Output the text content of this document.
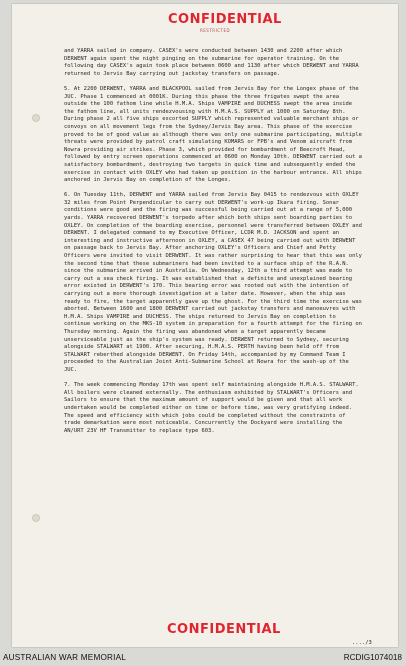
CONFIDENTIAL
RESTRICTED

and YARRA sailed in company. CASEX's were conducted between 1430 and 2200 after which DERWENT again spent the night pinging on the submarine for operator training. On the following day CASEX's again took place between 0600 and 1130 after which DERWENT and YARRA returned to Jervis Bay carrying out jackstay transfers on passage.

5. At 2200 DERWENT, YARRA and BLACKPOOL sailed from Jervis Bay for the Longex phase of the JUC. Phase 1 commenced at 0001K. During this phase the three frigates swept the area outside the 100 fathom line while H.M.A. Ships VAMPIRE and DUCHESS swept the area inside the fathom line, all units rendezvousing with H.M.A.S. SUPPLY at 1000 on Saturday 8th. During phase 2 all five ships escorted SUPPLY which represented valuable merchant ships or convoys on all movement legs from the Sydney/Jervis Bay area. This phase of the exercise proved to be of good value as although there was only one submarine participating, multiple threats were provided by patrol craft simulating KOMARS or FPB's and Venom aircraft from Nowra providing air strikes. Phase 3, which provided for bombardment of Beecroft Head, followed by entry screen operations commenced at 0600 on Monday 10th. DERWENT carried out a satisfactory bombardment, destroying two targets in quick time and subsequently ended the exercise in contact with OXLEY who had taken up position in the harbour entrance. All ships anchored in Jervis Bay on completion of the Longex.

6. On Tuesday 11th, DERWENT and YARRA sailed from Jervis Bay 0415 to rendezvous with OXLEY 32 miles from Point Perpendicular to carry out DERWENT's work-up Ikara firing. Sonar conditions were good and the firing was successful being carried out at a range of 5,000 yards. YARRA recovered DERWENT's torpedo after which both ships sent boarding parties to OXLEY. On completion of the boarding exercise, personnel were transferred between OXLEY and DERWENT. I delegated command to my Executive Officer, LCDR M.D. JACKSON and spent an interesting and instructive afternoon in OXLEY, a CASEX 47 being carried out with DERWENT on passage back to Jervis Bay. After anchoring OXLEY's Officers and Chief and Petty Officers were invited to visit DERWENT. It was rather surprising to hear that this was only the second time that these submariners had been invited to a surface ship of the R.A.N. since the submarine arrived in Australia. On Wednesday, 12th a third attempt was made to carry out a sea check firing. It was established that a definite and unexplained bearing error existed in DERWENT's 170. This bearing error was rooted out with the intention of carrying out a more thorough investigation at a later date. However, when the ship was ready to fire, the target apparently gave up the ghost. For the third time the exercise was aborted. Between 1600 and 1800 DERWENT carried out jackstay transfers and manoeuvres with H.M.A. Ships VAMPIRE and DUCHESS. The ships returned to Jervis Bay on completion to continue working on the MKS-10 system in preparation for a fourth attempt for the firing on Thursday morning. Again the firing was abandoned when a target apparently became unserviceable just as the ship's system was ready. DERWENT returned to Sydney, securing alongside STALWART at 1900. After securing, H.M.A.S. PERTH having been held off from STALWART reberthed alongside DERWENT. On Friday 14th, accompanied by my Command Team I proceeded to the Australian Joint Anti-Submarine School at Nowra for the wash-up of the JUC.

7. The week commencing Monday 17th was spent self maintaining alongside H.M.A.S. STALWART. All boilers were cleaned externally. The enthusiasm exhibited by STALWART's Officers and Sailors to ensure that the maximum amount of support would be given and that all work undertaken would be completed either on time or before time, was very gratifying indeed. The speed and efficiency with which jobs could be completed without the constraints of trade demarkation were most noticeable. Concurrently the Dockyard were installing the AN/URT 23V HF Transmitter to replace type 603.

CONFIDENTIAL
..../3
AUSTRALIAN WAR MEMORIAL	RCDIG1074018
